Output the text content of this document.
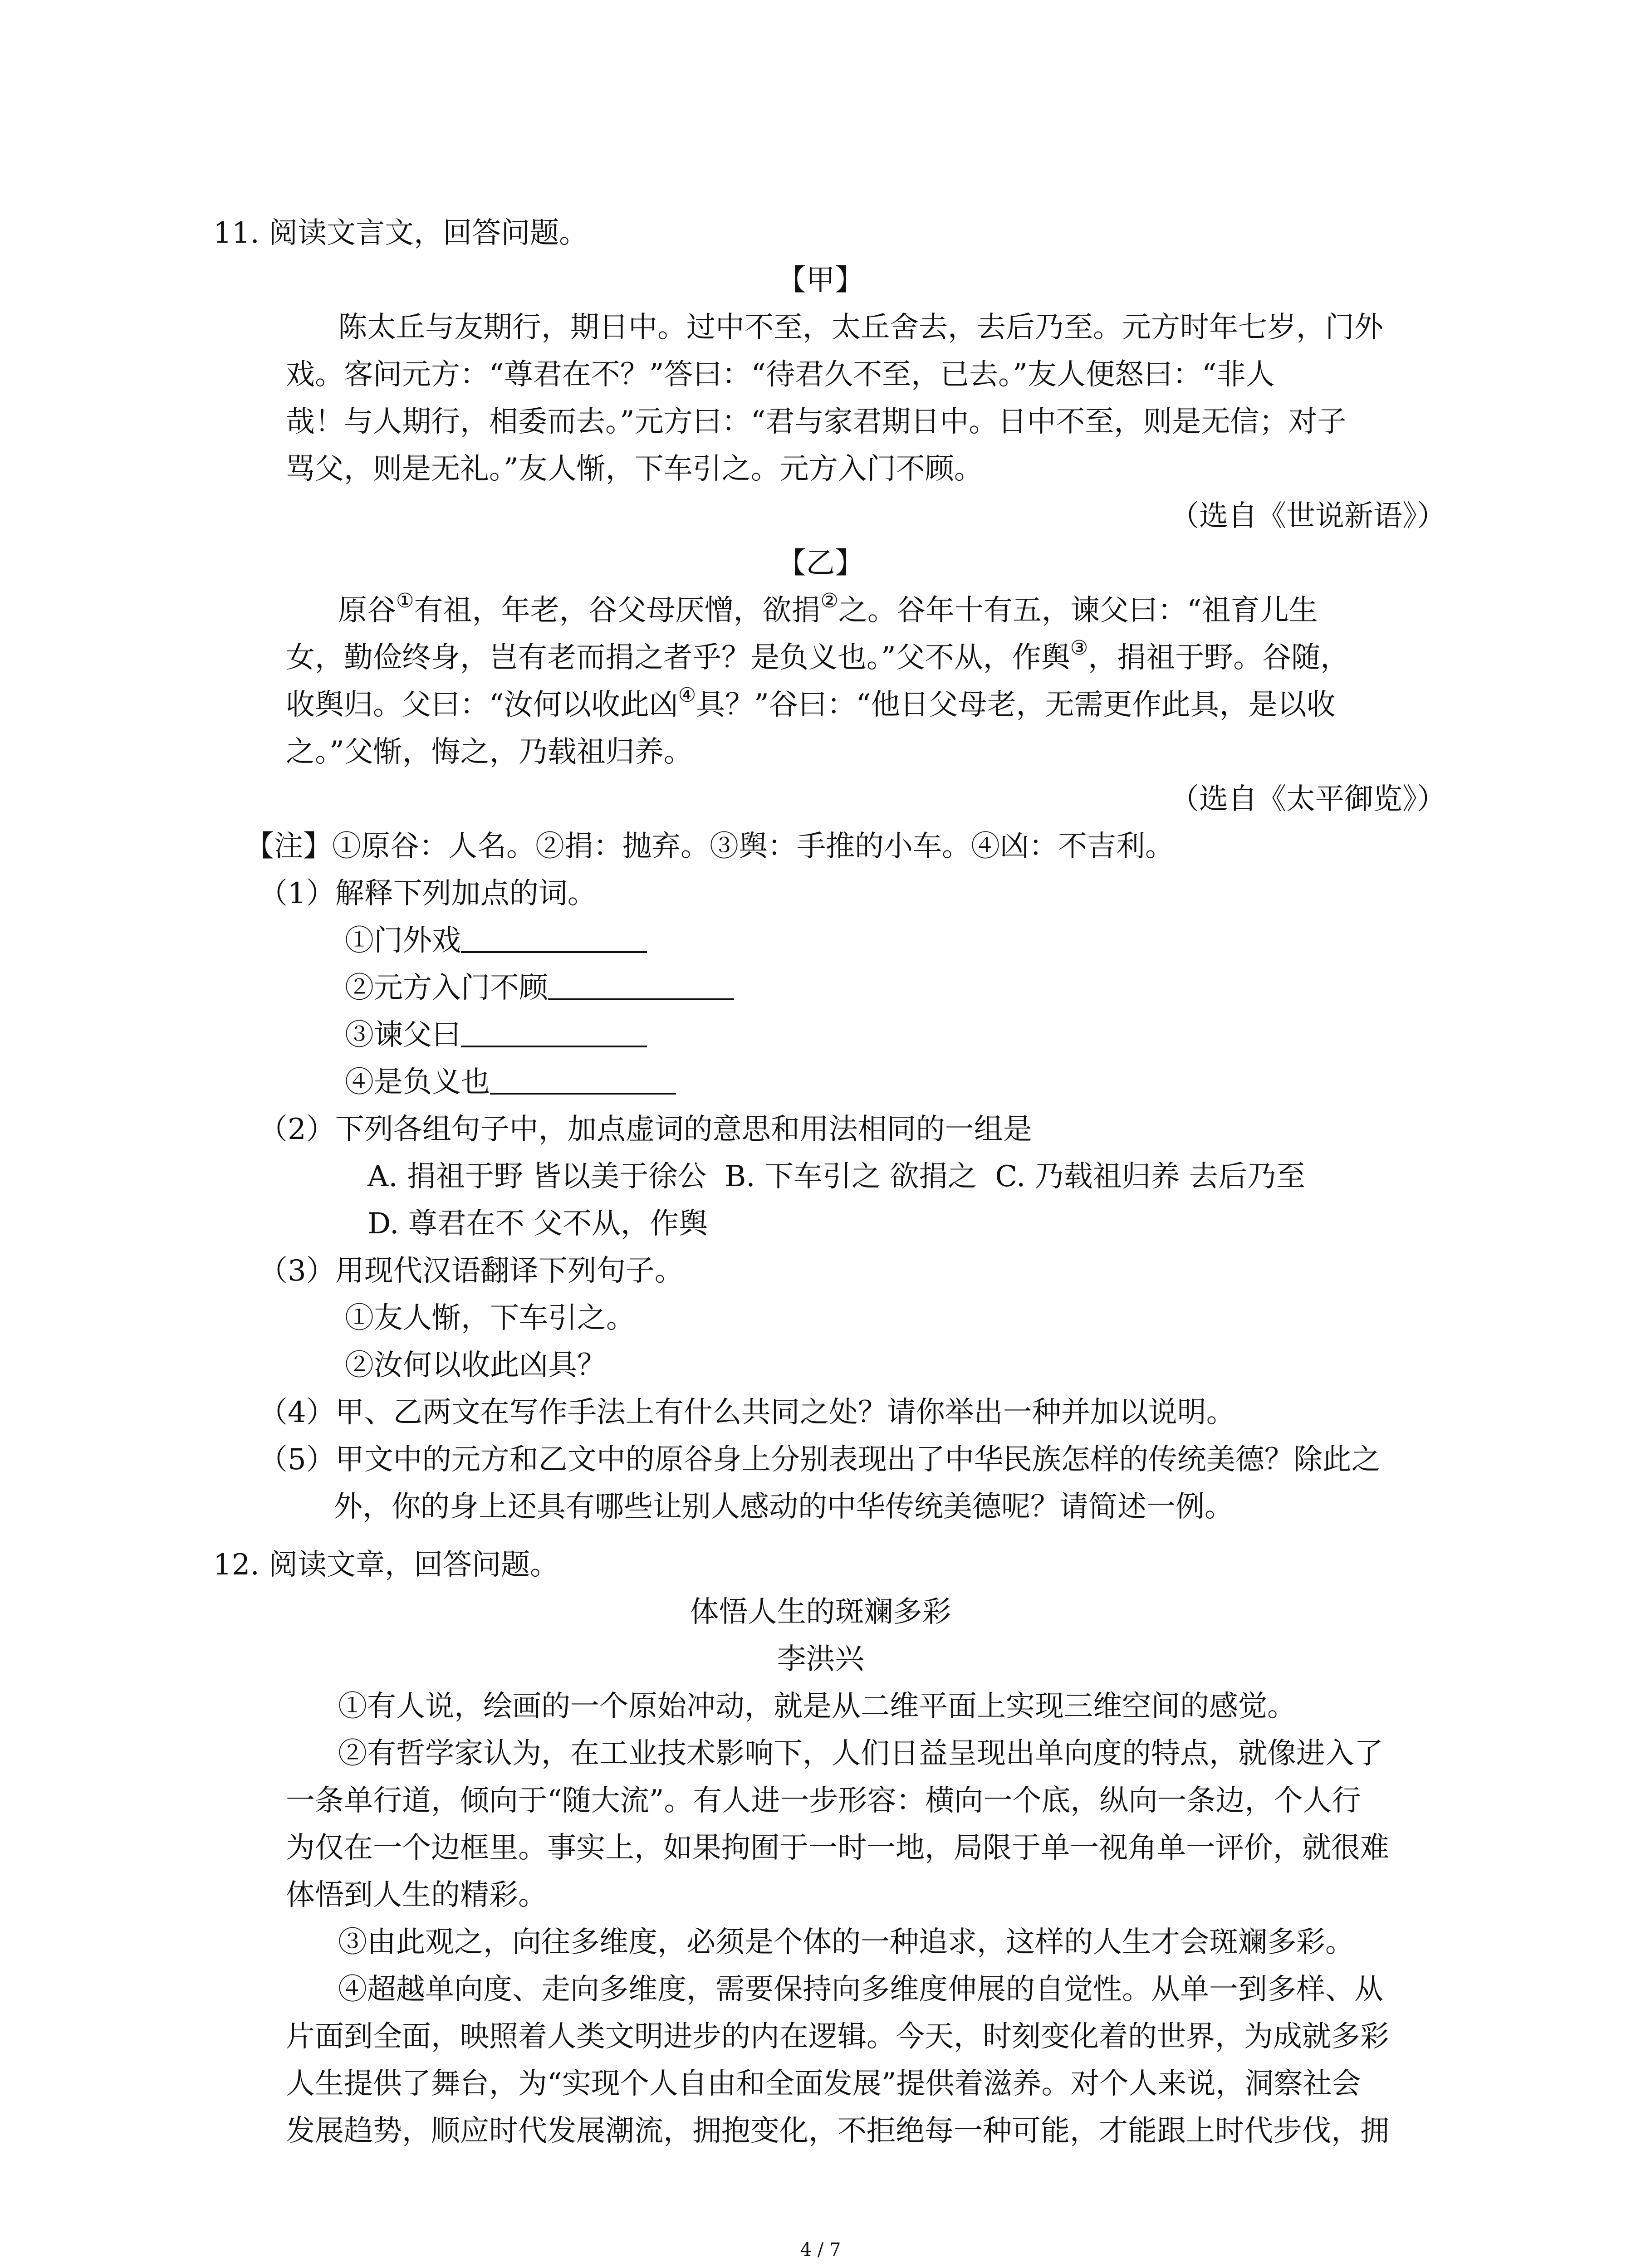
11. 阅读文言文，回答问题。
【甲】
陈太丘与友期行，期日中。过中不至，太丘舍去，去后乃至。元方时年七岁，门外
戏。客问元方：“尊君在不？”答曰：“待君久不至，已去。”友人便怒曰：“非人
哉！与人期行，相委而去。”元方曰：“君与家君期日中。日中不至，则是无信；对子
骂父，则是无礼。”友人惭，下车引之。元方入门不顾。
（选自《世说新语》）
【乙】
原谷①有祖，年老，谷父母厌憎，欲捐②之。谷年十有五，谏父曰：“祖育儿生
女，勤俭终身，岂有老而捐之者乎？是负义也。”父不从，作舆③，捐祖于野。谷随，
收舆归。父曰：“汝何以收此凶④具？”谷曰：“他日父母老，无需更作此具，是以收
之。”父惭，悔之，乃载祖归养。
（选自《太平御览》）
【注】①原谷：人名。②捐：抛弃。③舆：手推的小车。④凶：不吉利。
（1）解释下列加点的词。
①门外戏
②元方入门不顾
③谏父曰
④是负义也
（2）下列各组句子中，加点虚词的意思和用法相同的一组是
A. 捐祖于野 皆以美于徐公 B. 下车引之 欲捐之 C. 乃载祖归养 去后乃至
D. 尊君在不 父不从，作舆
（3）用现代汉语翻译下列句子。
①友人惭，下车引之。
②汝何以收此凶具？
（4）甲、乙两文在写作手法上有什么共同之处？请你举出一种并加以说明。
（5）甲文中的元方和乙文中的原谷身上分别表现出了中华民族怎样的传统美德？除此之
外，你的身上还具有哪些让别人感动的中华传统美德呢？请简述一例。
12. 阅读文章，回答问题。
体悟人生的斑斓多彩
李洪兴
①有人说，绘画的一个原始冲动，就是从二维平面上实现三维空间的感觉。
②有哲学家认为，在工业技术影响下，人们日益呈现出单向度的特点，就像进入了
一条单行道，倾向于“随大流”。有人进一步形容：横向一个底，纵向一条边，个人行
为仅在一个边框里。事实上，如果拘囿于一时一地，局限于单一视角单一评价，就很难
体悟到人生的精彩。
③由此观之，向往多维度，必须是个体的一种追求，这样的人生才会斑斓多彩。
④超越单向度、走向多维度，需要保持向多维度伸展的自觉性。从单一到多样、从
片面到全面，映照着人类文明进步的内在逻辑。今天，时刻变化着的世界，为成就多彩
人生提供了舞台，为“实现个人自由和全面发展”提供着滋养。对个人来说，洞察社会
发展趋势，顺应时代发展潮流，拥抱变化，不拒绝每一种可能，才能跟上时代步伐，拥
4 / 7
